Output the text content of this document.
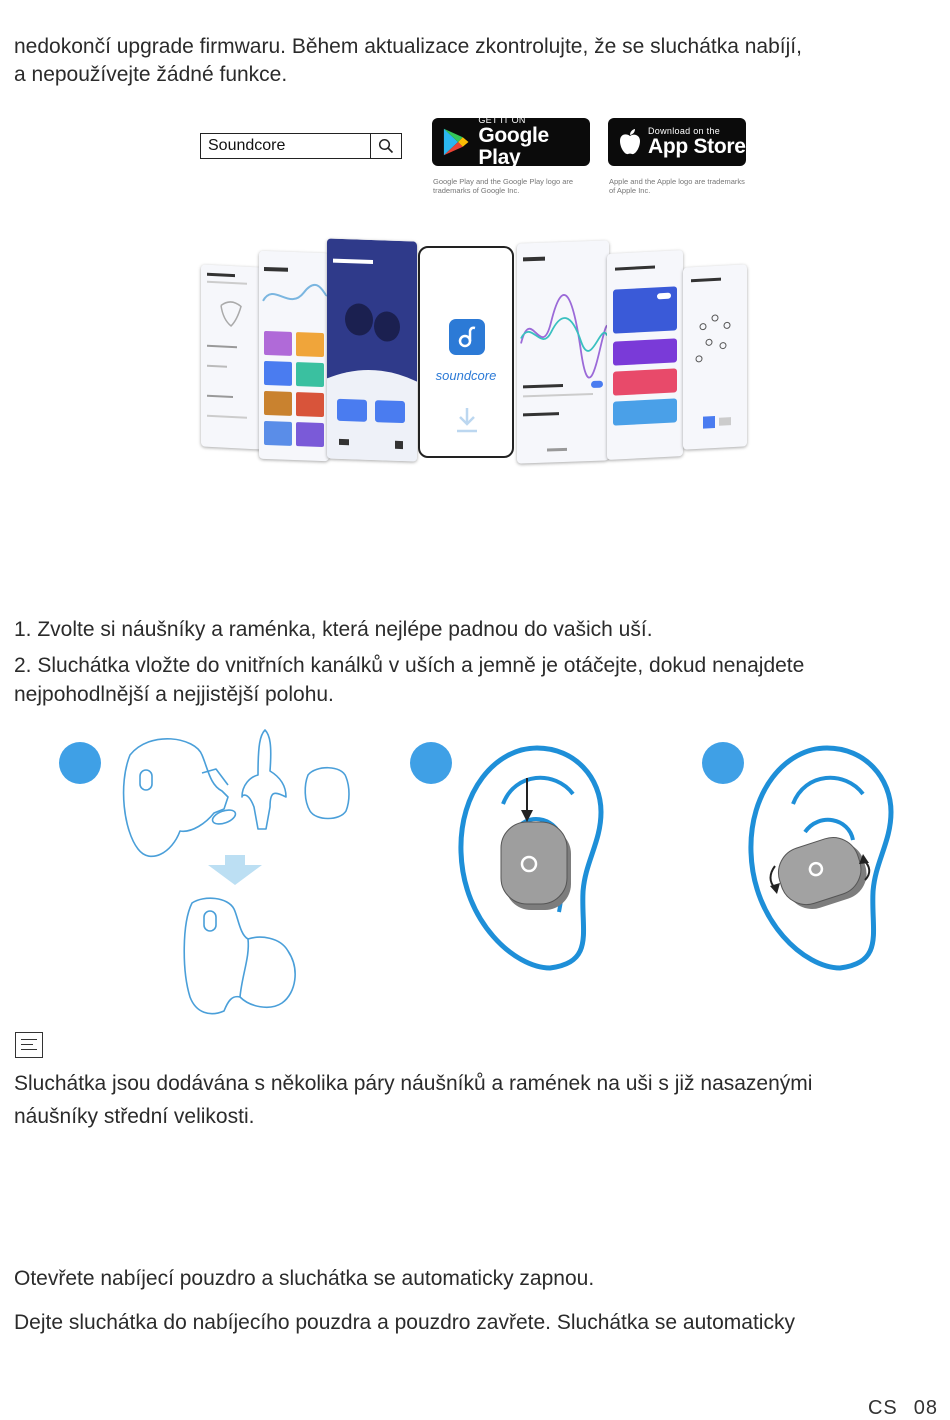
nedokončí upgrade firmwaru. Během aktualizace zkontrolujte, že se sluchátka nabíjí,
a nepoužívejte žádné funkce.
Soundcore
GET IT ON
Google Play
Google Play and the Google Play logo are
trademarks of Google Inc.
Download on the
App Store
Apple and the Apple logo are trademarks
of Apple Inc.
soundcore
1. Zvolte si náušníky a raménka, která nejlépe padnou do vašich uší.
2. Sluchátka vložte do vnitřních kanálků v uších a jemně je otáčejte, dokud nenajdete
nejpohodlnější a nejjistější polohu.
Sluchátka jsou dodávána s několika páry náušníků a ramének na uši s již nasazenými
náušníky střední velikosti.
Otevřete nabíjecí pouzdro a sluchátka se automaticky zapnou.
Dejte sluchátka do nabíjecího pouzdra a pouzdro zavřete. Sluchátka se automaticky
CS 08
